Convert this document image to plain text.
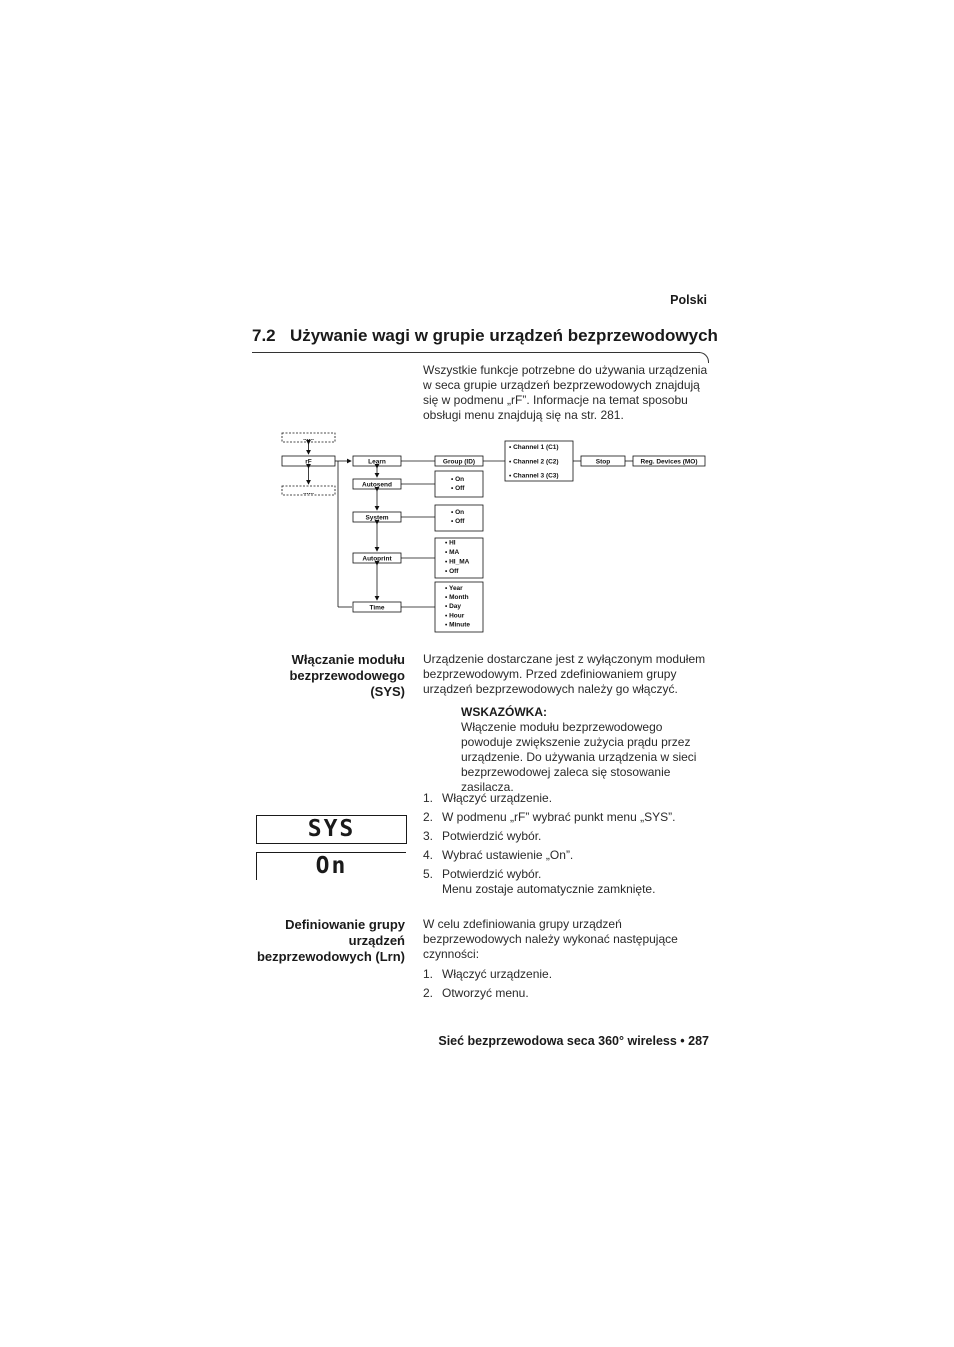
Polski
7.2 Używanie wagi w grupie urządzeń bezprzewodowych
Wszystkie funkcje potrzebne do używania urządzenia w seca grupie urządzeń bezprzewodowych znajdują się w podmenu „rF”. Informacje na temat sposobu obsługi menu znajdują się na str. 281.
......
rF
......
Learn
Autosend
System
Autoprint
Time
Group (ID)
• Channel 1 (C1)
• Channel 2 (C2)
• Channel 3 (C3)
Stop	Reg. Devices (MO)
• On
• Off
• On
• Off
• HI
• MA
• HI_MA
• Off
• Year
• Month
• Day
• Hour
• Minute
Włączanie modułu
bezprzewodowego
(SYS)
Urządzenie dostarczane jest z wyłączonym modułem bezprzewodowym. Przed zdefiniowaniem grupy urządzeń bezprzewodowych należy go włączyć.
WSKAZÓWKA:
Włączenie modułu bezprzewodowego powoduje zwiększenie zużycia prądu przez urządzenie. Do używania urządzenia w sieci bezprzewodowej zaleca się stosowanie zasilacza.
SYS
On
1. Włączyć urządzenie.
2. W podmenu „rF” wybrać punkt menu „SYS”.
3. Potwierdzić wybór.
4. Wybrać ustawienie „On”.
5. Potwierdzić wybór.
Menu zostaje automatycznie zamknięte.
Definiowanie grupy
urządzeń
bezprzewodowych (Lrn)
W celu zdefiniowania grupy urządzeń bezprzewodowych należy wykonać następujące czynności:
1. Włączyć urządzenie.
2. Otworzyć menu.
Sieć bezprzewodowa seca 360° wireless • 287
